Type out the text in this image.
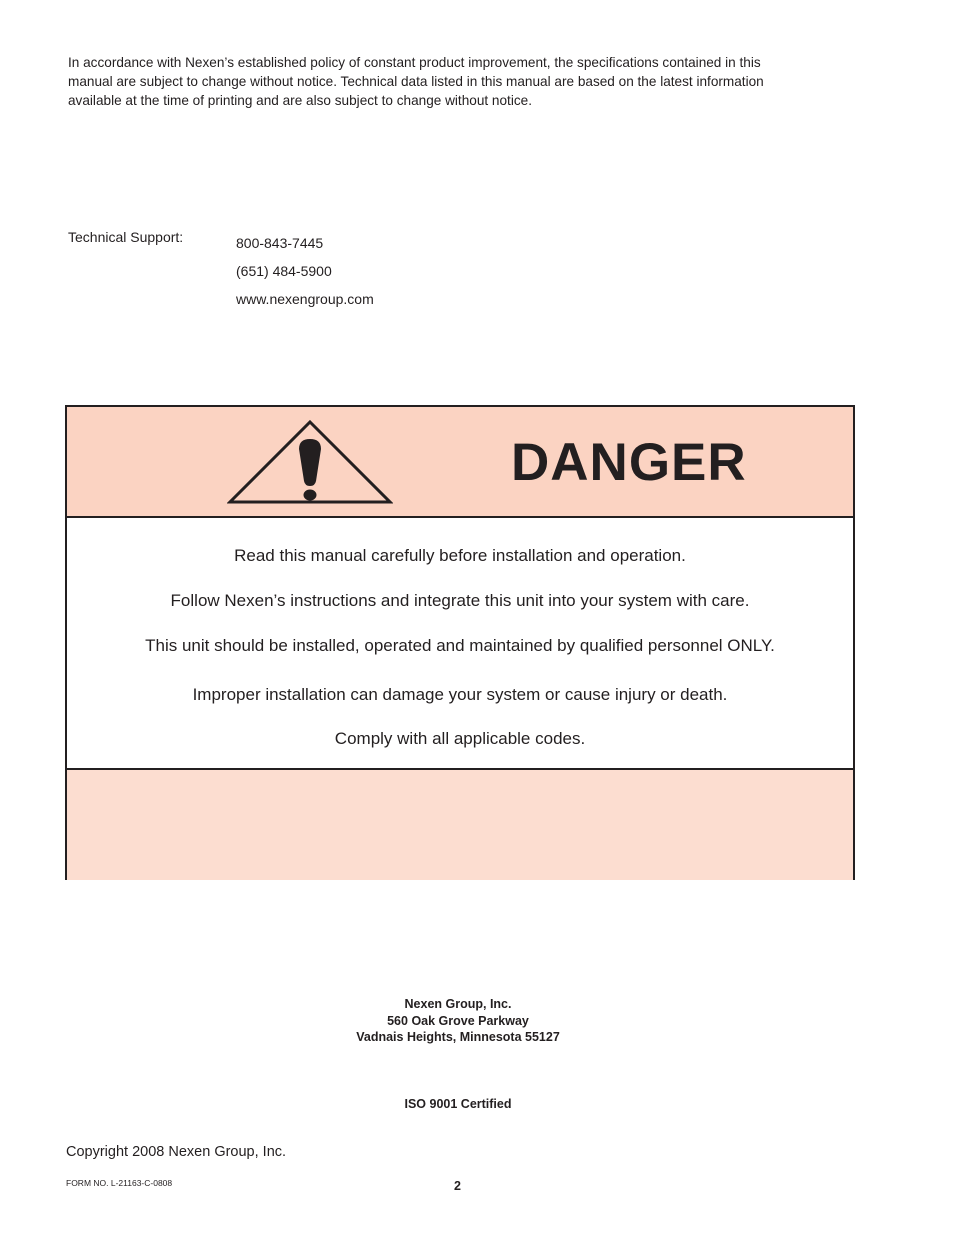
In accordance with Nexen’s established policy of constant product improvement, the specifications contained in this
manual are subject to change without notice. Technical data listed in this manual are based on the latest information
available at the time of printing and are also subject to change without notice.
Technical Support:	800-843-7445
(651) 484-5900
www.nexengroup.com
DANGER
Read this manual carefully before installation and operation.
Follow Nexen’s instructions and integrate this unit into your system with care.
This unit should be installed, operated and maintained by qualified personnel ONLY.
Improper installation can damage your system or cause injury or death.
Comply with all applicable codes.
Nexen Group, Inc.
560 Oak Grove Parkway
Vadnais Heights, Minnesota 55127
ISO 9001 Certified
Copyright 2008 Nexen Group, Inc.
FORM NO. L-21163-C-0808	2
